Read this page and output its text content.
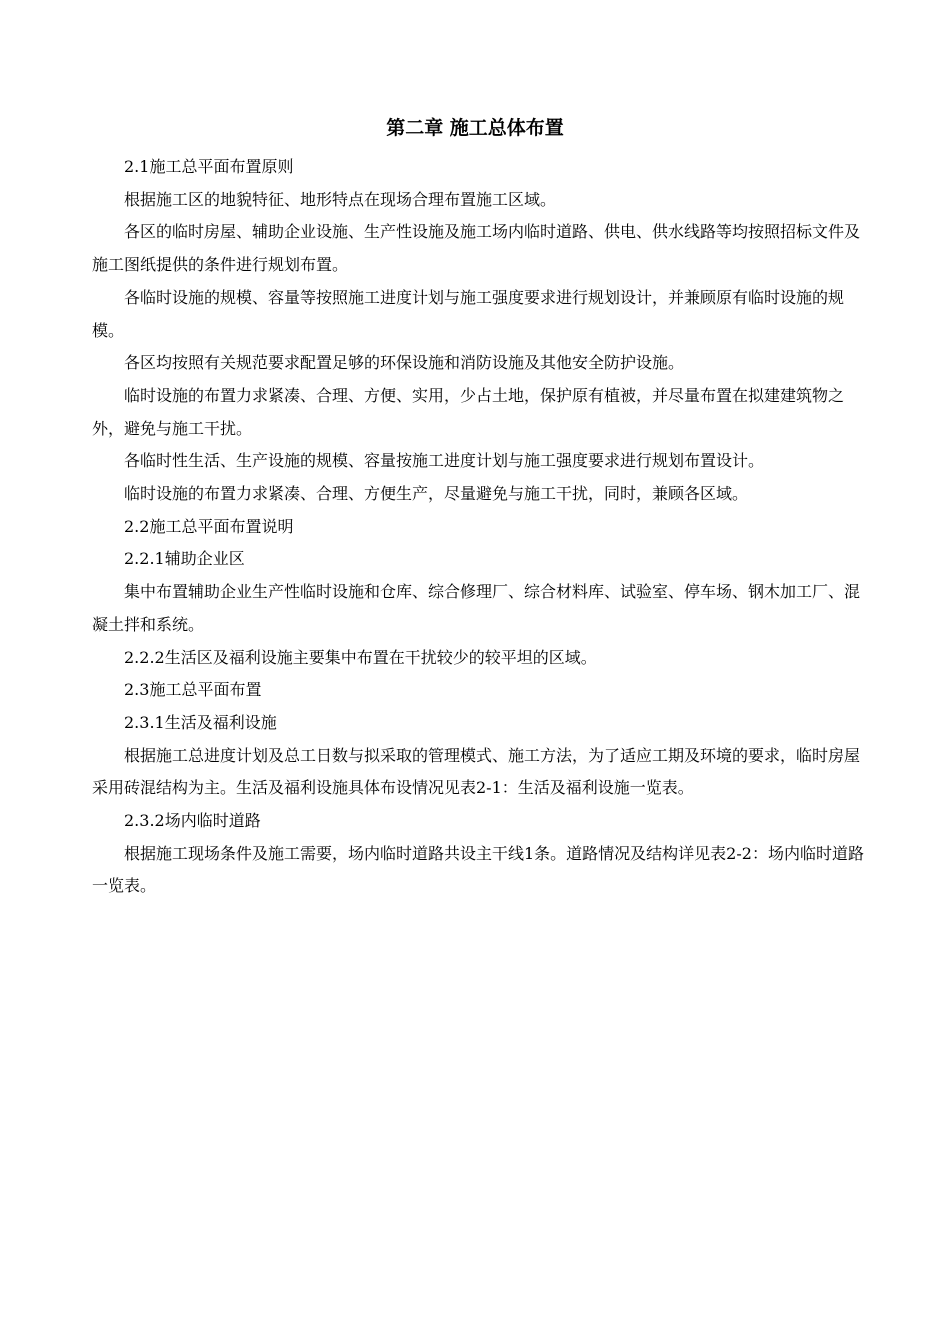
第二章 施工总体布置

2.1施工总平面布置原则

根据施工区的地貌特征、地形特点在现场合理布置施工区域。

各区的临时房屋、辅助企业设施、生产性设施及施工场内临时道路、供电、供水线路等均按照招标文件及施工图纸提供的条件进行规划布置。

各临时设施的规模、容量等按照施工进度计划与施工强度要求进行规划设计，并兼顾原有临时设施的规模。

各区均按照有关规范要求配置足够的环保设施和消防设施及其他安全防护设施。

临时设施的布置力求紧凑、合理、方便、实用，少占土地，保护原有植被，并尽量布置在拟建建筑物之外，避免与施工干扰。

各临时性生活、生产设施的规模、容量按施工进度计划与施工强度要求进行规划布置设计。

临时设施的布置力求紧凑、合理、方便生产，尽量避免与施工干扰，同时，兼顾各区域。

2.2施工总平面布置说明

2.2.1辅助企业区

集中布置辅助企业生产性临时设施和仓库、综合修理厂、综合材料库、试验室、停车场、钢木加工厂、混凝土拌和系统。

2.2.2生活区及福利设施主要集中布置在干扰较少的较平坦的区域。

2.3施工总平面布置

2.3.1生活及福利设施

根据施工总进度计划及总工日数与拟采取的管理模式、施工方法，为了适应工期及环境的要求，临时房屋采用砖混结构为主。生活及福利设施具体布设情况见表2-1：生活及福利设施一览表。

2.3.2场内临时道路

根据施工现场条件及施工需要，场内临时道路共设主干线1条。道路情况及结构详见表2-2：场内临时道路一览表。
